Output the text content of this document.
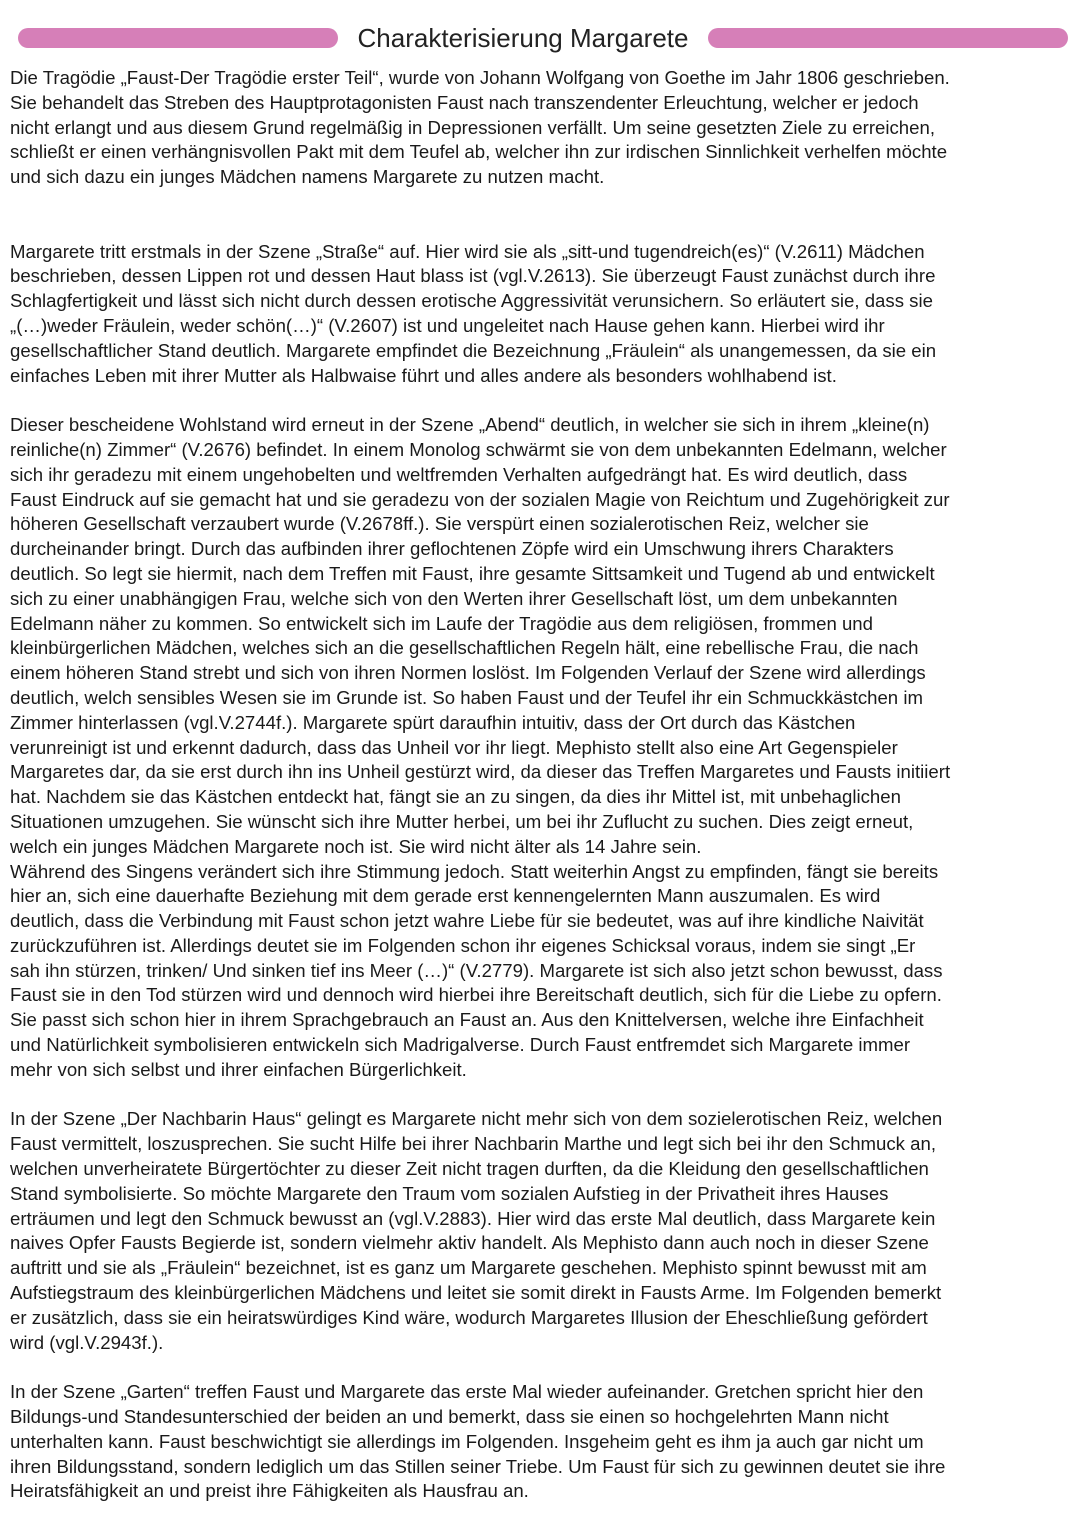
Charakterisierung Margarete

Die Tragödie „Faust-Der Tragödie erster Teil“, wurde von Johann Wolfgang von Goethe im Jahr 1806 geschrieben.
Sie behandelt das Streben des Hauptprotagonisten Faust nach transzendenter Erleuchtung, welcher er jedoch
nicht erlangt und aus diesem Grund regelmäßig in Depressionen verfällt. Um seine gesetzten Ziele zu erreichen,
schließt er einen verhängnisvollen Pakt mit dem Teufel ab, welcher ihn zur irdischen Sinnlichkeit verhelfen möchte
und sich dazu ein junges Mädchen namens Margarete zu nutzen macht.

Margarete tritt erstmals in der Szene „Straße“ auf. Hier wird sie als „sitt-und tugendreich(es)“ (V.2611) Mädchen
beschrieben, dessen Lippen rot und dessen Haut blass ist (vgl.V.2613). Sie überzeugt Faust zunächst durch ihre
Schlagfertigkeit und lässt sich nicht durch dessen erotische Aggressivität verunsichern. So erläutert sie, dass sie
„(…)weder Fräulein, weder schön(…)“ (V.2607) ist und ungeleitet nach Hause gehen kann. Hierbei wird ihr
gesellschaftlicher Stand deutlich. Margarete empfindet die Bezeichnung „Fräulein“ als unangemessen, da sie ein
einfaches Leben mit ihrer Mutter als Halbwaise führt und alles andere als besonders wohlhabend ist.

Dieser bescheidene Wohlstand wird erneut in der Szene „Abend“ deutlich, in welcher sie sich in ihrem „kleine(n)
reinliche(n) Zimmer“ (V.2676) befindet. In einem Monolog schwärmt sie von dem unbekannten Edelmann, welcher
sich ihr geradezu mit einem ungehobelten und weltfremden Verhalten aufgedrängt hat. Es wird deutlich, dass
Faust Eindruck auf sie gemacht hat und sie geradezu von der sozialen Magie von Reichtum und Zugehörigkeit zur
höheren Gesellschaft verzaubert wurde (V.2678ff.). Sie verspürt einen sozialerotischen Reiz, welcher sie
durcheinander bringt. Durch das aufbinden ihrer geflochtenen Zöpfe wird ein Umschwung ihrers Charakters
deutlich. So legt sie hiermit, nach dem Treffen mit Faust, ihre gesamte Sittsamkeit und Tugend ab und entwickelt
sich zu einer unabhängigen Frau, welche sich von den Werten ihrer Gesellschaft löst, um dem unbekannten
Edelmann näher zu kommen. So entwickelt sich im Laufe der Tragödie aus dem religiösen, frommen und
kleinbürgerlichen Mädchen, welches sich an die gesellschaftlichen Regeln hält, eine rebellische Frau, die nach
einem höheren Stand strebt und sich von ihren Normen loslöst. Im Folgenden Verlauf der Szene wird allerdings
deutlich, welch sensibles Wesen sie im Grunde ist. So haben Faust und der Teufel ihr ein Schmuckkästchen im
Zimmer hinterlassen (vgl.V.2744f.). Margarete spürt daraufhin intuitiv, dass der Ort durch das Kästchen
verunreinigt ist und erkennt dadurch, dass das Unheil vor ihr liegt. Mephisto stellt also eine Art Gegenspieler
Margaretes dar, da sie erst durch ihn ins Unheil gestürzt wird, da dieser das Treffen Margaretes und Fausts initiiert
hat. Nachdem sie das Kästchen entdeckt hat, fängt sie an zu singen, da dies ihr Mittel ist, mit unbehaglichen
Situationen umzugehen. Sie wünscht sich ihre Mutter herbei, um bei ihr Zuflucht zu suchen. Dies zeigt erneut,
welch ein junges Mädchen Margarete noch ist. Sie wird nicht älter als 14 Jahre sein.
Während des Singens verändert sich ihre Stimmung jedoch. Statt weiterhin Angst zu empfinden, fängt sie bereits
hier an, sich eine dauerhafte Beziehung mit dem gerade erst kennengelernten Mann auszumalen. Es wird
deutlich, dass die Verbindung mit Faust schon jetzt wahre Liebe für sie bedeutet, was auf ihre kindliche Naivität
zurückzuführen ist. Allerdings deutet sie im Folgenden schon ihr eigenes Schicksal voraus, indem sie singt „Er
sah ihn stürzen, trinken/ Und sinken tief ins Meer (…)“ (V.2779). Margarete ist sich also jetzt schon bewusst, dass
Faust sie in den Tod stürzen wird und dennoch wird hierbei ihre Bereitschaft deutlich, sich für die Liebe zu opfern.
Sie passt sich schon hier in ihrem Sprachgebrauch an Faust an. Aus den Knittelversen, welche ihre Einfachheit
und Natürlichkeit symbolisieren entwickeln sich Madrigalverse. Durch Faust entfremdet sich Margarete immer
mehr von sich selbst und ihrer einfachen Bürgerlichkeit.

In der Szene „Der Nachbarin Haus“ gelingt es Margarete nicht mehr sich von dem sozielerotischen Reiz, welchen
Faust vermittelt, loszusprechen. Sie sucht Hilfe bei ihrer Nachbarin Marthe und legt sich bei ihr den Schmuck an,
welchen unverheiratete Bürgertöchter zu dieser Zeit nicht tragen durften, da die Kleidung den gesellschaftlichen
Stand symbolisierte. So möchte Margarete den Traum vom sozialen Aufstieg in der Privatheit ihres Hauses
erträumen und legt den Schmuck bewusst an (vgl.V.2883). Hier wird das erste Mal deutlich, dass Margarete kein
naives Opfer Fausts Begierde ist, sondern vielmehr aktiv handelt. Als Mephisto dann auch noch in dieser Szene
auftritt und sie als „Fräulein“ bezeichnet, ist es ganz um Margarete geschehen. Mephisto spinnt bewusst mit am
Aufstiegstraum des kleinbürgerlichen Mädchens und leitet sie somit direkt in Fausts Arme. Im Folgenden bemerkt
er zusätzlich, dass sie ein heiratswürdiges Kind wäre, wodurch Margaretes Illusion der Eheschließung gefördert
wird (vgl.V.2943f.).

In der Szene „Garten“ treffen Faust und Margarete das erste Mal wieder aufeinander. Gretchen spricht hier den
Bildungs-und Standesunterschied der beiden an und bemerkt, dass sie einen so hochgelehrten Mann nicht
unterhalten kann. Faust beschwichtigt sie allerdings im Folgenden. Insgeheim geht es ihm ja auch gar nicht um
ihren Bildungsstand, sondern lediglich um das Stillen seiner Triebe. Um Faust für sich zu gewinnen deutet sie ihre
Heiratsfähigkeit an und preist ihre Fähigkeiten als Hausfrau an.
